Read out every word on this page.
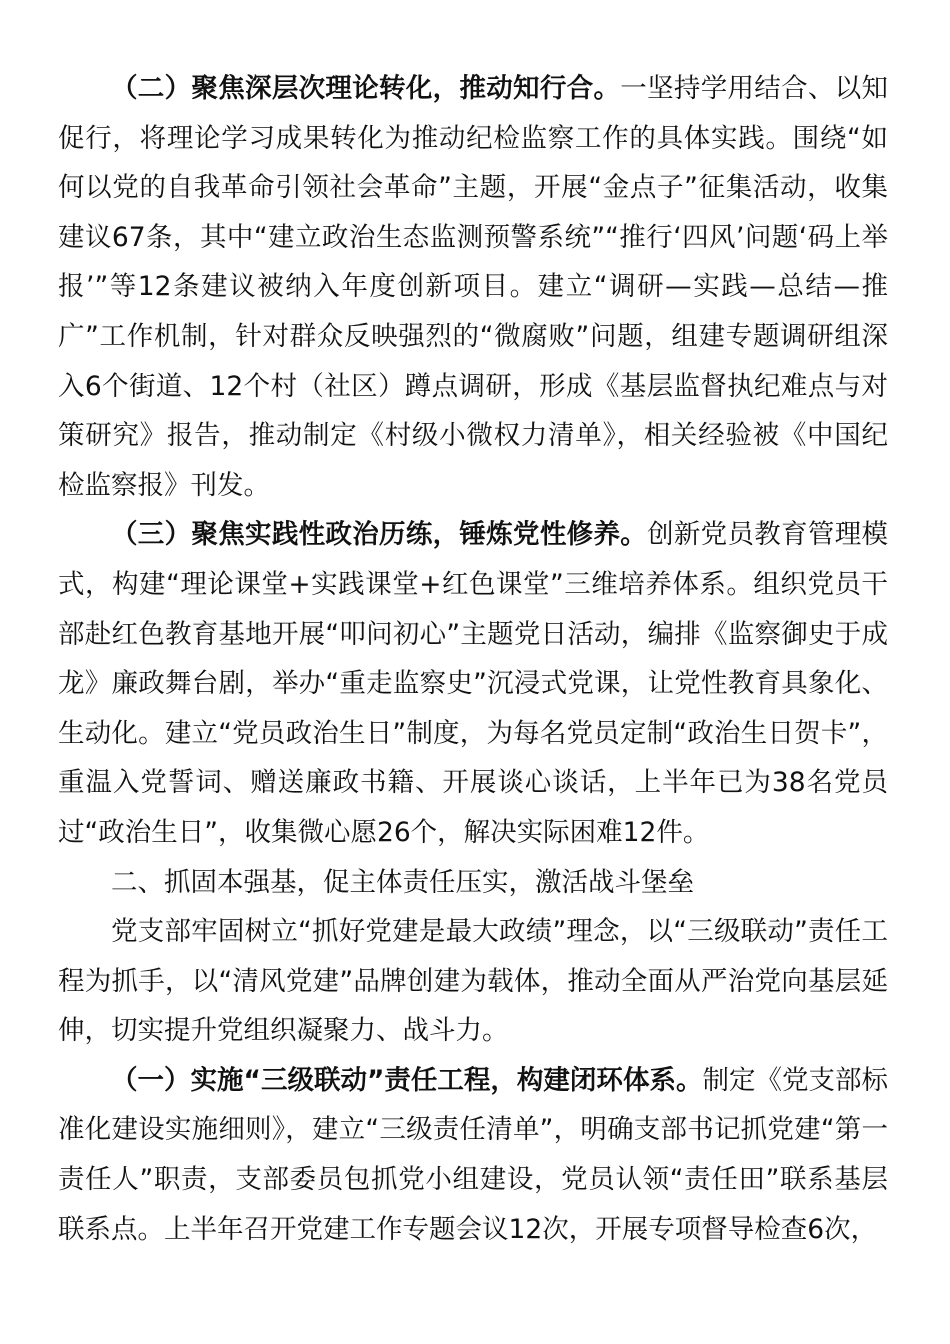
（二）聚焦深层次理论转化，推动知行合。一坚持学用结合、以知促行，将理论学习成果转化为推动纪检监察工作的具体实践。围绕“如何以党的自我革命引领社会革命”主题，开展“金点子”征集活动，收集建议67条，其中“建立政治生态监测预警系统”“推行‘四风’问题‘码上举报’”等12条建议被纳入年度创新项目。建立“调研—实践—总结—推广”工作机制，针对群众反映强烈的“微腐败”问题，组建专题调研组深入6个街道、12个村（社区）蹲点调研，形成《基层监督执纪难点与对策研究》报告，推动制定《村级小微权力清单》，相关经验被《中国纪检监察报》刊发。

（三）聚焦实践性政治历练，锤炼党性修养。创新党员教育管理模式，构建“理论课堂+实践课堂+红色课堂”三维培养体系。组织党员干部赴红色教育基地开展“叩问初心”主题党日活动，编排《监察御史于成龙》廉政舞台剧，举办“重走监察史”沉浸式党课，让党性教育具象化、生动化。建立“党员政治生日”制度，为每名党员定制“政治生日贺卡”，重温入党誓词、赠送廉政书籍、开展谈心谈话，上半年已为38名党员过“政治生日”，收集微心愿26个，解决实际困难12件。

二、抓固本强基，促主体责任压实，激活战斗堡垒

党支部牢固树立“抓好党建是最大政绩”理念，以“三级联动”责任工程为抓手，以“清风党建”品牌创建为载体，推动全面从严治党向基层延伸，切实提升党组织凝聚力、战斗力。

（一）实施“三级联动”责任工程，构建闭环体系。制定《党支部标准化建设实施细则》，建立“三级责任清单”，明确支部书记抓党建“第一责任人”职责，支部委员包抓党小组建设，党员认领“责任田”联系基层联系点。上半年召开党建工作专题会议12次，开展专项督导检查6次，
